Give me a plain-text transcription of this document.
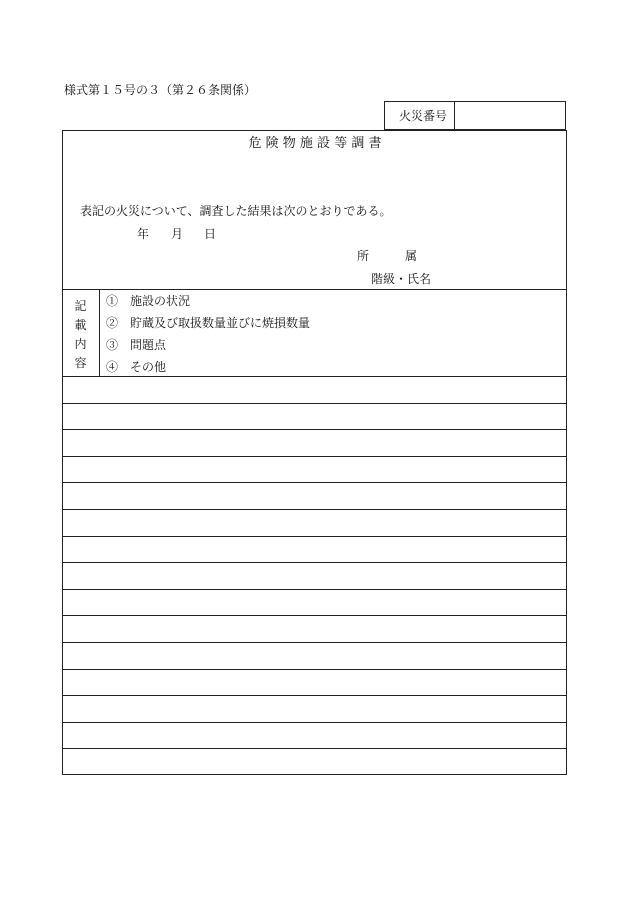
様式第１５号の３（第２６条関係）
火災番号
危 険 物 施 設 等 調 書
表記の火災について、調査した結果は次のとおりである。
年 月 日
所　　　属
階級・氏名
記
載
内
容
①　施設の状況
②　貯蔵及び取扱数量並びに焼損数量
③　問題点
④　その他
